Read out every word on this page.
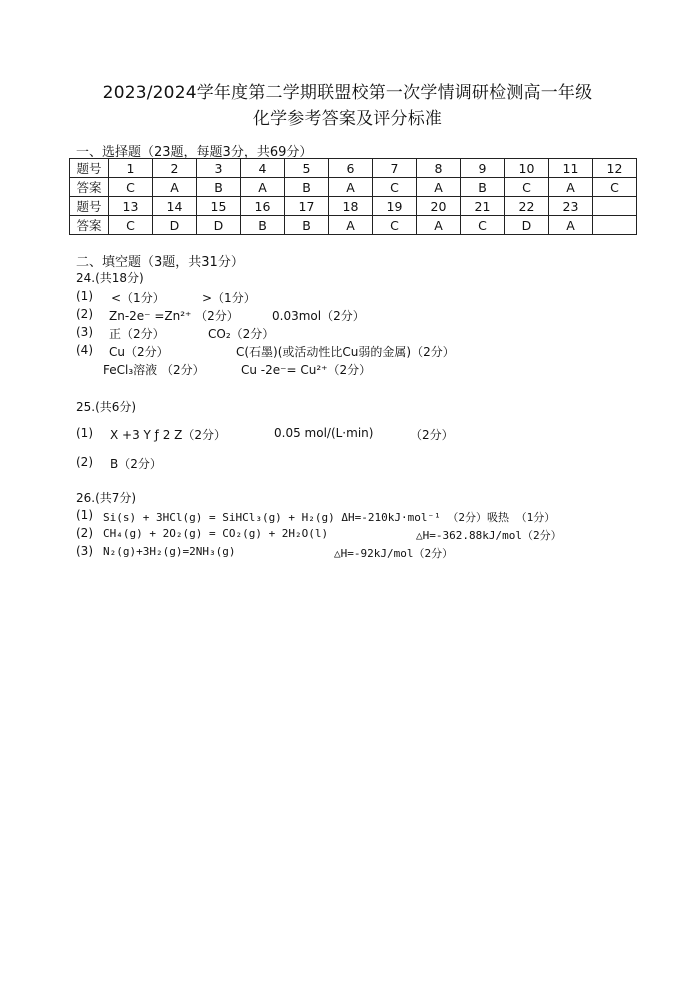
2023/2024学年度第二学期联盟校第一次学情调研检测高一年级
化学参考答案及评分标准
一、选择题（23题，每题3分，共69分）
题号	1	2	3	4	5	6	7	8	9	10	11	12
答案	C	A	B	A	B	A	C	A	B	C	A	C
题号	13	14	15	16	17	18	19	20	21	22	23	
答案	C	D	D	B	B	A	C	A	C	D	A	
二、填空题（3题，共31分）
24.(共18分)
(1) <（1分）	>（1分）
(2) Zn-2e⁻ =Zn²⁺ （2分）	0.03mol（2分）
(3) 正（2分）	CO₂（2分）
(4) Cu（2分）	C(石墨)(或活动性比Cu弱的金属)（2分）
FeCl₃溶液 （2分）	Cu -2e⁻= Cu²⁺（2分）
25.(共6分)
(1) X +3 Y ƒ 2 Z（2分）	0.05 mol/(L·min)	（2分）
(2) B（2分）
26.(共7分)
(1) Si(s) + 3HCl(g) = SiHCl₃(g) + H₂(g) ΔH=-210kJ·mol⁻¹ （2分）吸热 （1分）
(2) CH₄(g) + 2O₂(g) = CO₂(g) + 2H₂O(l)	△H=-362.88kJ/mol（2分）
(3) N₂(g)+3H₂(g)=2NH₃(g)	△H=-92kJ/mol（2分）
